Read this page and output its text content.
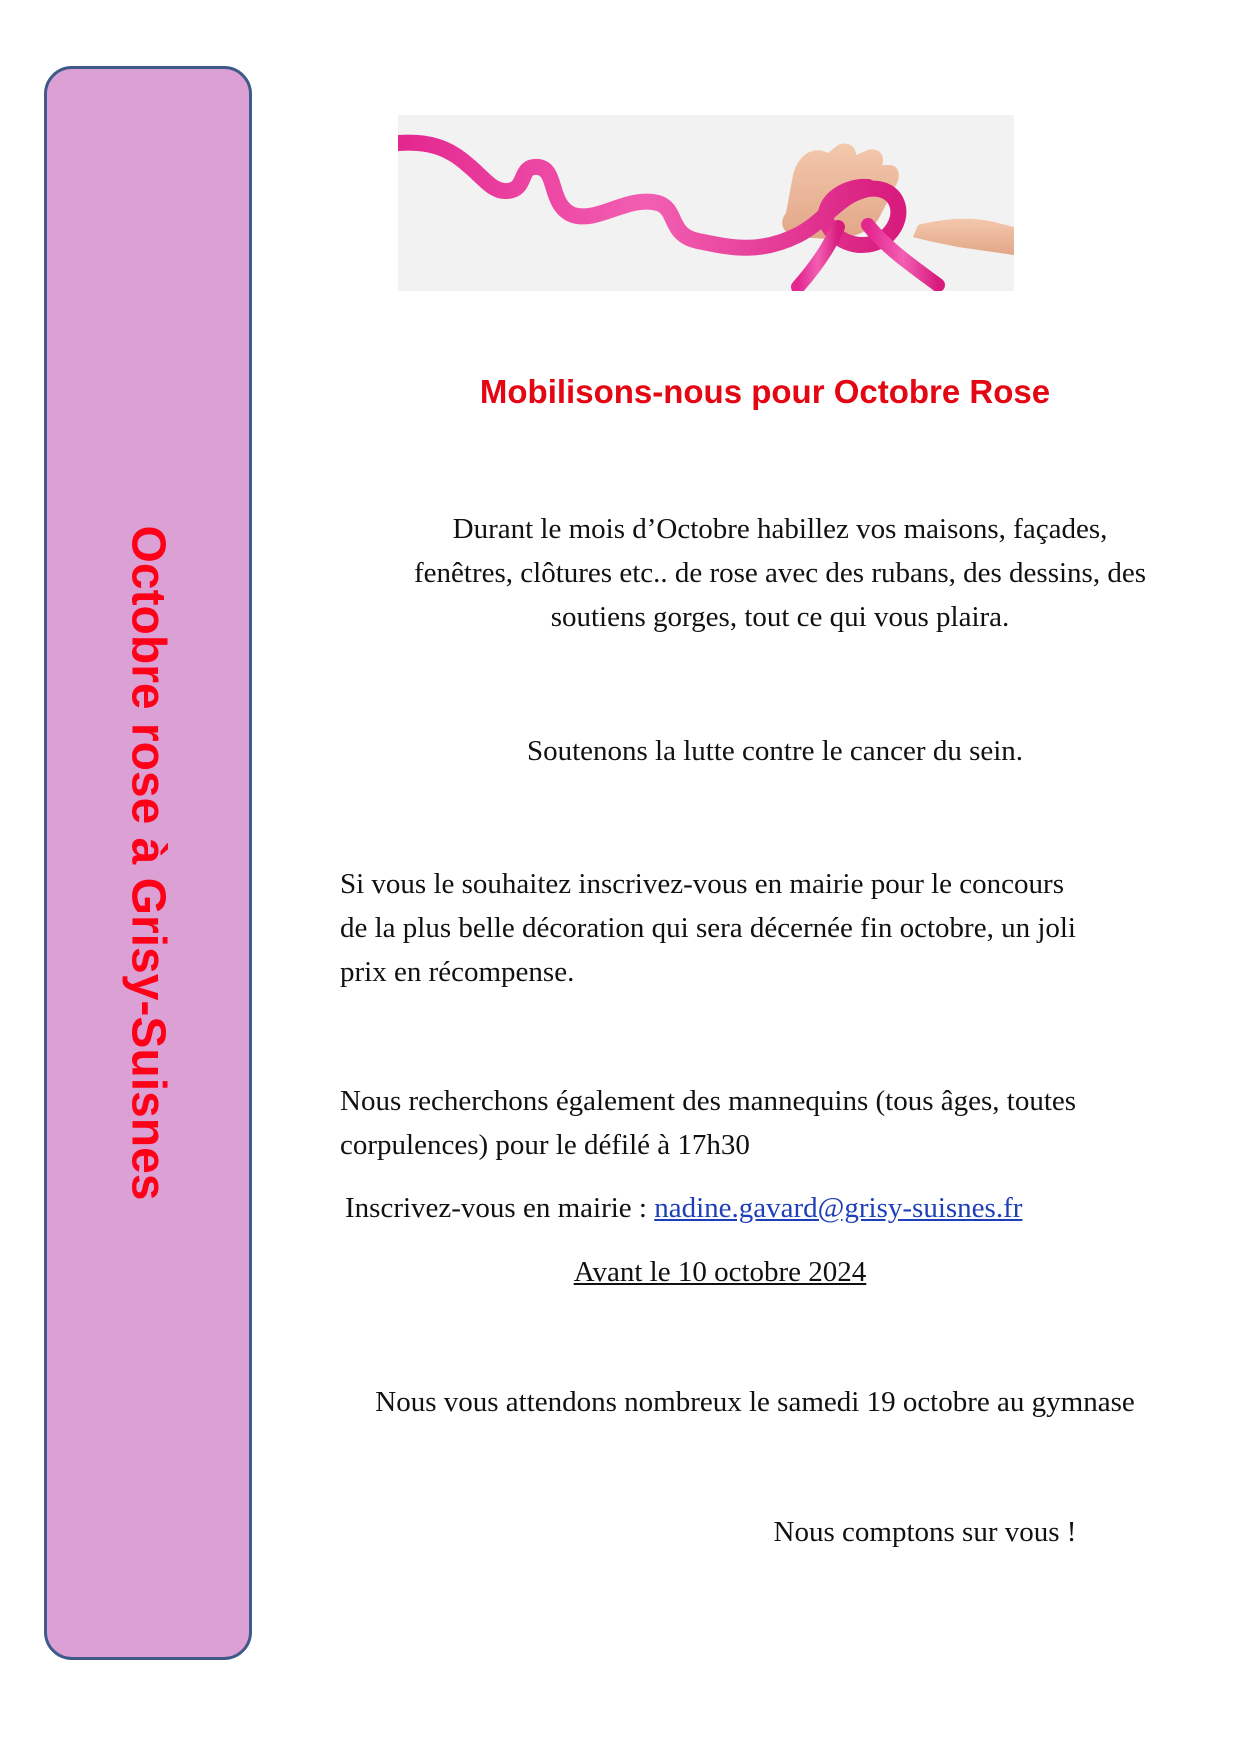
Octobre rose à Grisy-Suisnes
Mobilisons-nous pour Octobre Rose

Durant le mois d’Octobre habillez vos maisons, façades,
fenêtres, clôtures etc.. de rose avec des rubans, des dessins, des
soutiens gorges, tout ce qui vous plaira.

Soutenons la lutte contre le cancer du sein.

Si vous le souhaitez inscrivez-vous en mairie pour le concours
de la plus belle décoration qui sera décernée fin octobre, un joli
prix en récompense.

Nous recherchons également des mannequins (tous âges, toutes
corpulences) pour le défilé à 17h30

Inscrivez-vous en mairie : nadine.gavard@grisy-suisnes.fr

Avant le 10 octobre 2024

Nous vous attendons nombreux le samedi 19 octobre au gymnase

Nous comptons sur vous !
